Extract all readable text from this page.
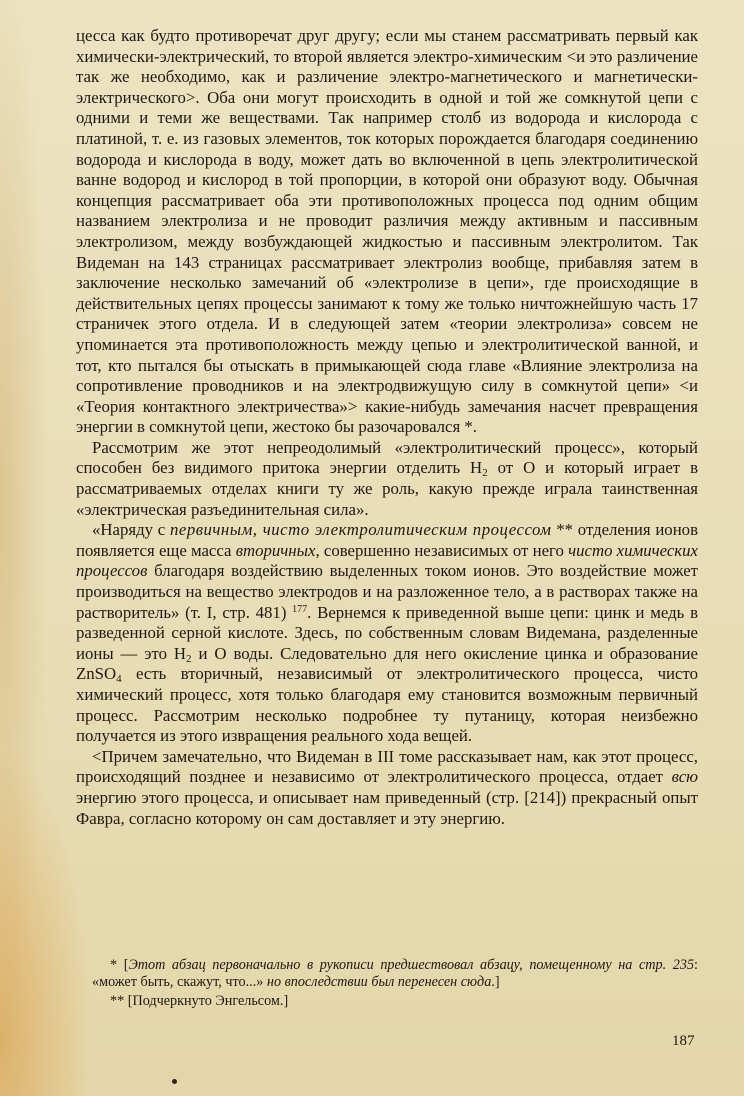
цесса как будто противоречат друг другу; если мы станем рассматривать первый как химически-электрический, то второй является электро-химическим <и это различение так же необходимо, как и различение электро-магнетического и магнетически-электрического>. Оба они могут происходить в одной и той же сомкнутой цепи с одними и теми же веществами. Так например столб из водорода и кислорода с платиной, т. е. из газовых элементов, ток которых порождается благодаря соединению водорода и кислорода в воду, может дать во включенной в цепь электролитической ванне водород и кислород в той пропорции, в которой они образуют воду. Обычная концепция рассматривает оба эти противоположных процесса под одним общим названием электролиза и не проводит различия между активным и пассивным электролизом, между возбуждающей жидкостью и пассивным электролитом. Так Видеман на 143 страницах рассматривает электролиз вообще, прибавляя затем в заключение несколько замечаний об «электролизе в цепи», где происходящие в действительных цепях процессы занимают к тому же только ничтожнейшую часть 17 страничек этого отдела. И в следующей затем «теории электролиза» совсем не упоминается эта противоположность между цепью и электролитической ванной, и тот, кто пытался бы отыскать в примыкающей сюда главе «Влияние электролиза на сопротивление проводников и на электродвижущую силу в сомкнутой цепи» <и «Теория контактного электричества»> какие-нибудь замечания насчет превращения энергии в сомкнутой цепи, жестоко бы разочаровался *.

Рассмотрим же этот непреодолимый «электролитический процесс», который способен без видимого притока энергии отделить $H_2$ от O и который играет в рассматриваемых отделах книги ту же роль, какую прежде играла таинственная «электрическая разъединительная сила».

«Наряду с первичным, чисто электролитическим процессом ** отделения ионов появляется еще масса вторичных, совершенно независимых от него чисто химических процессов благодаря воздействию выделенных током ионов. Это воздействие может производиться на вещество электродов и на разложенное тело, а в растворах также на растворитель» (т. I, стр. 481) $^{177}$. Вернемся к приведенной выше цепи: цинк и медь в разведенной серной кислоте. Здесь, по собственным словам Видемана, разделенные ионы — это $H_2$ и O воды. Следовательно для него окисление цинка и образование ZnSO$_4$ есть вторичный, независимый от электролитического процесса, чисто химический процесс, хотя только благодаря ему становится возможным первичный процесс. Рассмотрим несколько подробнее ту путаницу, которая неизбежно получается из этого извращения реального хода вещей.

<Причем замечательно, что Видеман в III томе рассказывает нам, как этот процесс, происходящий позднее и независимо от электролитического процесса, отдает всю энергию этого процесса, и описывает нам приведенный (стр. [214]) прекрасный опыт Фавра, согласно которому он сам доставляет и эту энергию.

* [Этот абзац первоначально в рукописи предшествовал абзацу, помещенному на стр. 235: «может быть, скажут, что...» но впоследствии был перенесен сюда.]

** [Подчеркнуто Энгельсом.]

187
